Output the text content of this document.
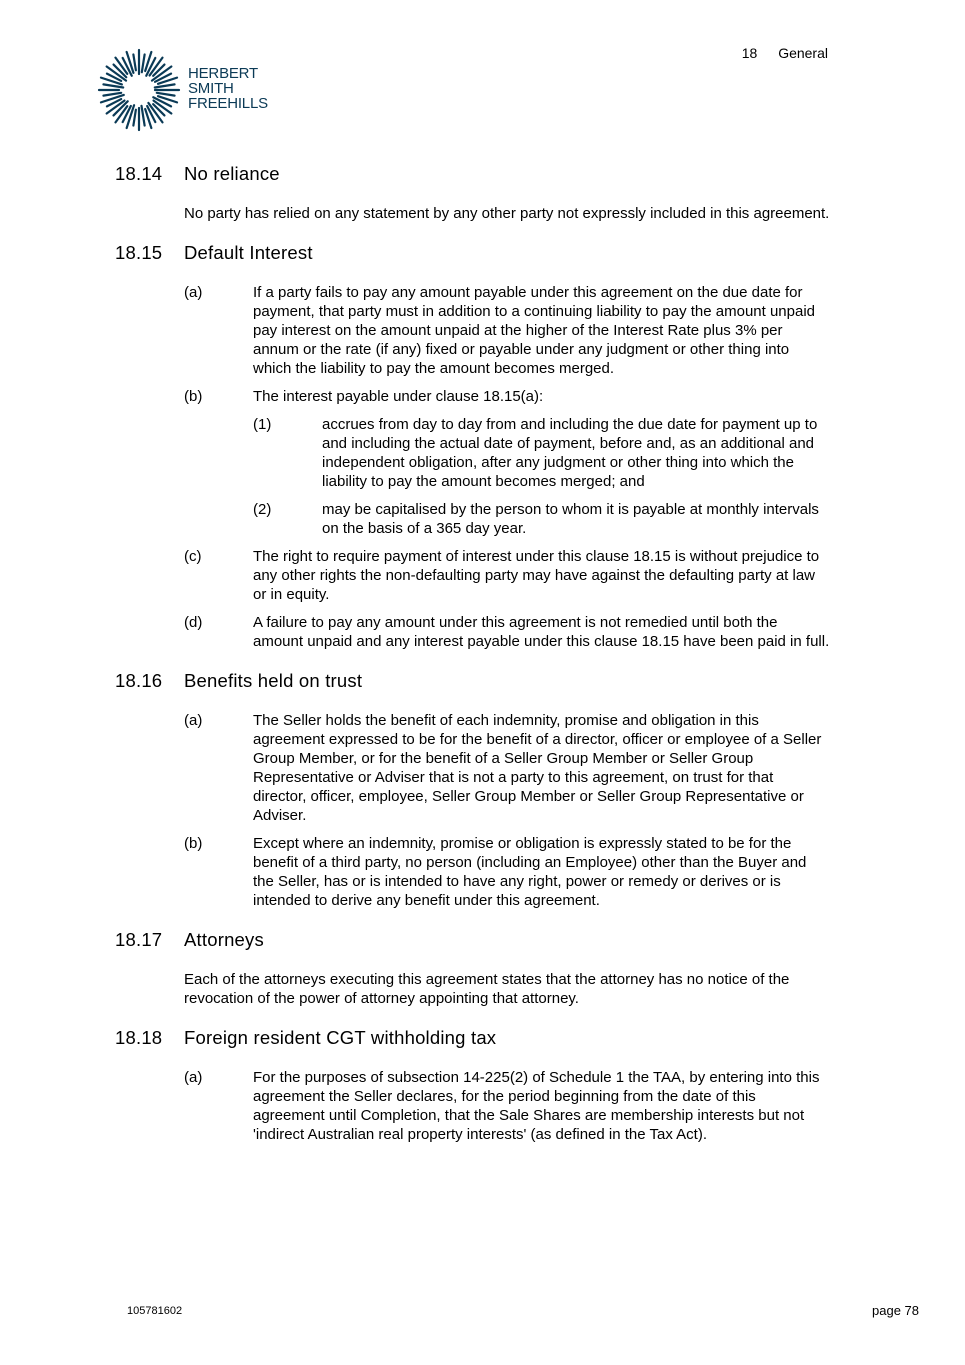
HERBERT
SMITH
FREEHILLS
18 General
18.14	No reliance
No party has relied on any statement by any other party not expressly included in this agreement.
18.15	Default Interest
(a)	If a party fails to pay any amount payable under this agreement on the due date for payment, that party must in addition to a continuing liability to pay the amount unpaid pay interest on the amount unpaid at the higher of the Interest Rate plus 3% per annum or the rate (if any) fixed or payable under any judgment or other thing into which the liability to pay the amount becomes merged.
(b)	The interest payable under clause 18.15(a):
(1)	accrues from day to day from and including the due date for payment up to and including the actual date of payment, before and, as an additional and independent obligation, after any judgment or other thing into which the liability to pay the amount becomes merged; and
(2)	may be capitalised by the person to whom it is payable at monthly intervals on the basis of a 365 day year.
(c)	The right to require payment of interest under this clause 18.15 is without prejudice to any other rights the non-defaulting party may have against the defaulting party at law or in equity.
(d)	A failure to pay any amount under this agreement is not remedied until both the amount unpaid and any interest payable under this clause 18.15 have been paid in full.
18.16	Benefits held on trust
(a)	The Seller holds the benefit of each indemnity, promise and obligation in this agreement expressed to be for the benefit of a director, officer or employee of a Seller Group Member, or for the benefit of a Seller Group Member or Seller Group Representative or Adviser that is not a party to this agreement, on trust for that director, officer, employee, Seller Group Member or Seller Group Representative or Adviser.
(b)	Except where an indemnity, promise or obligation is expressly stated to be for the benefit of a third party, no person (including an Employee) other than the Buyer and the Seller, has or is intended to have any right, power or remedy or derives or is intended to derive any benefit under this agreement.
18.17	Attorneys
Each of the attorneys executing this agreement states that the attorney has no notice of the revocation of the power of attorney appointing that attorney.
18.18	Foreign resident CGT withholding tax
(a)	For the purposes of subsection 14-225(2) of Schedule 1 the TAA, by entering into this agreement the Seller declares, for the period beginning from the date of this agreement until Completion, that the Sale Shares are membership interests but not 'indirect Australian real property interests' (as defined in the Tax Act).
105781602	page 78
